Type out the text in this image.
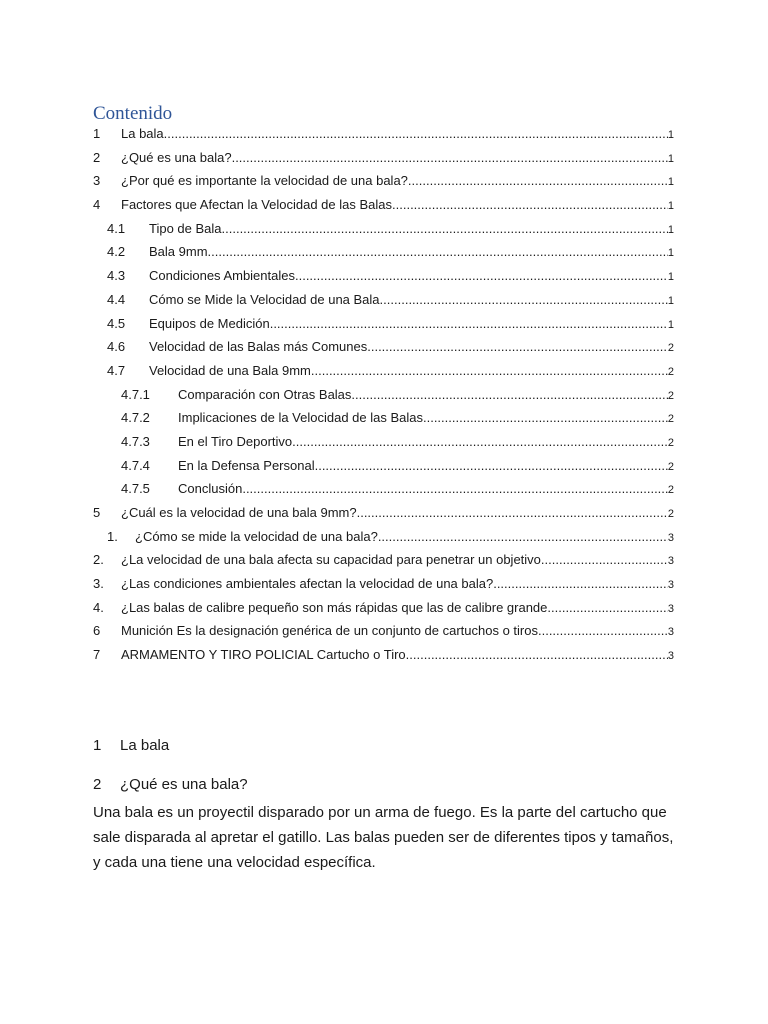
Contenido
1	La bala .....	1
2	¿Qué es una bala? .....	1
3	¿Por qué es importante la velocidad de una bala? .....	1
4	Factores que Afectan la Velocidad de las Balas .....	1
4.1	Tipo de Bala .....	1
4.2	Bala 9mm .....	1
4.3	Condiciones Ambientales .....	1
4.4	Cómo se Mide la Velocidad de una Bala .....	1
4.5	Equipos de Medición .....	1
4.6	Velocidad de las Balas más Comunes .....	2
4.7	Velocidad de una Bala 9mm .....	2
4.7.1	Comparación con Otras Balas .....	2
4.7.2	Implicaciones de la Velocidad de las Balas .....	2
4.7.3	En el Tiro Deportivo .....	2
4.7.4	En la Defensa Personal .....	2
4.7.5	Conclusión .....	2
5	¿Cuál es la velocidad de una bala 9mm? .....	2
1.	¿Cómo se mide la velocidad de una bala? .....	3
2.	¿La velocidad de una bala afecta su capacidad para penetrar un objetivo .....	3
3.	¿Las condiciones ambientales afectan la velocidad de una bala? .....	3
4.	¿Las balas de calibre pequeño son más rápidas que las de calibre grande .....	3
6	Munición Es la designación genérica de un conjunto de cartuchos o tiros. .....	3
7	ARMAMENTO Y TIRO POLICIAL Cartucho o Tiro .....	3
1 La bala
2 ¿Qué es una bala?

Una bala es un proyectil disparado por un arma de fuego. Es la parte del cartucho que sale disparada al apretar el gatillo. Las balas pueden ser de diferentes tipos y tamaños, y cada una tiene una velocidad específica.
